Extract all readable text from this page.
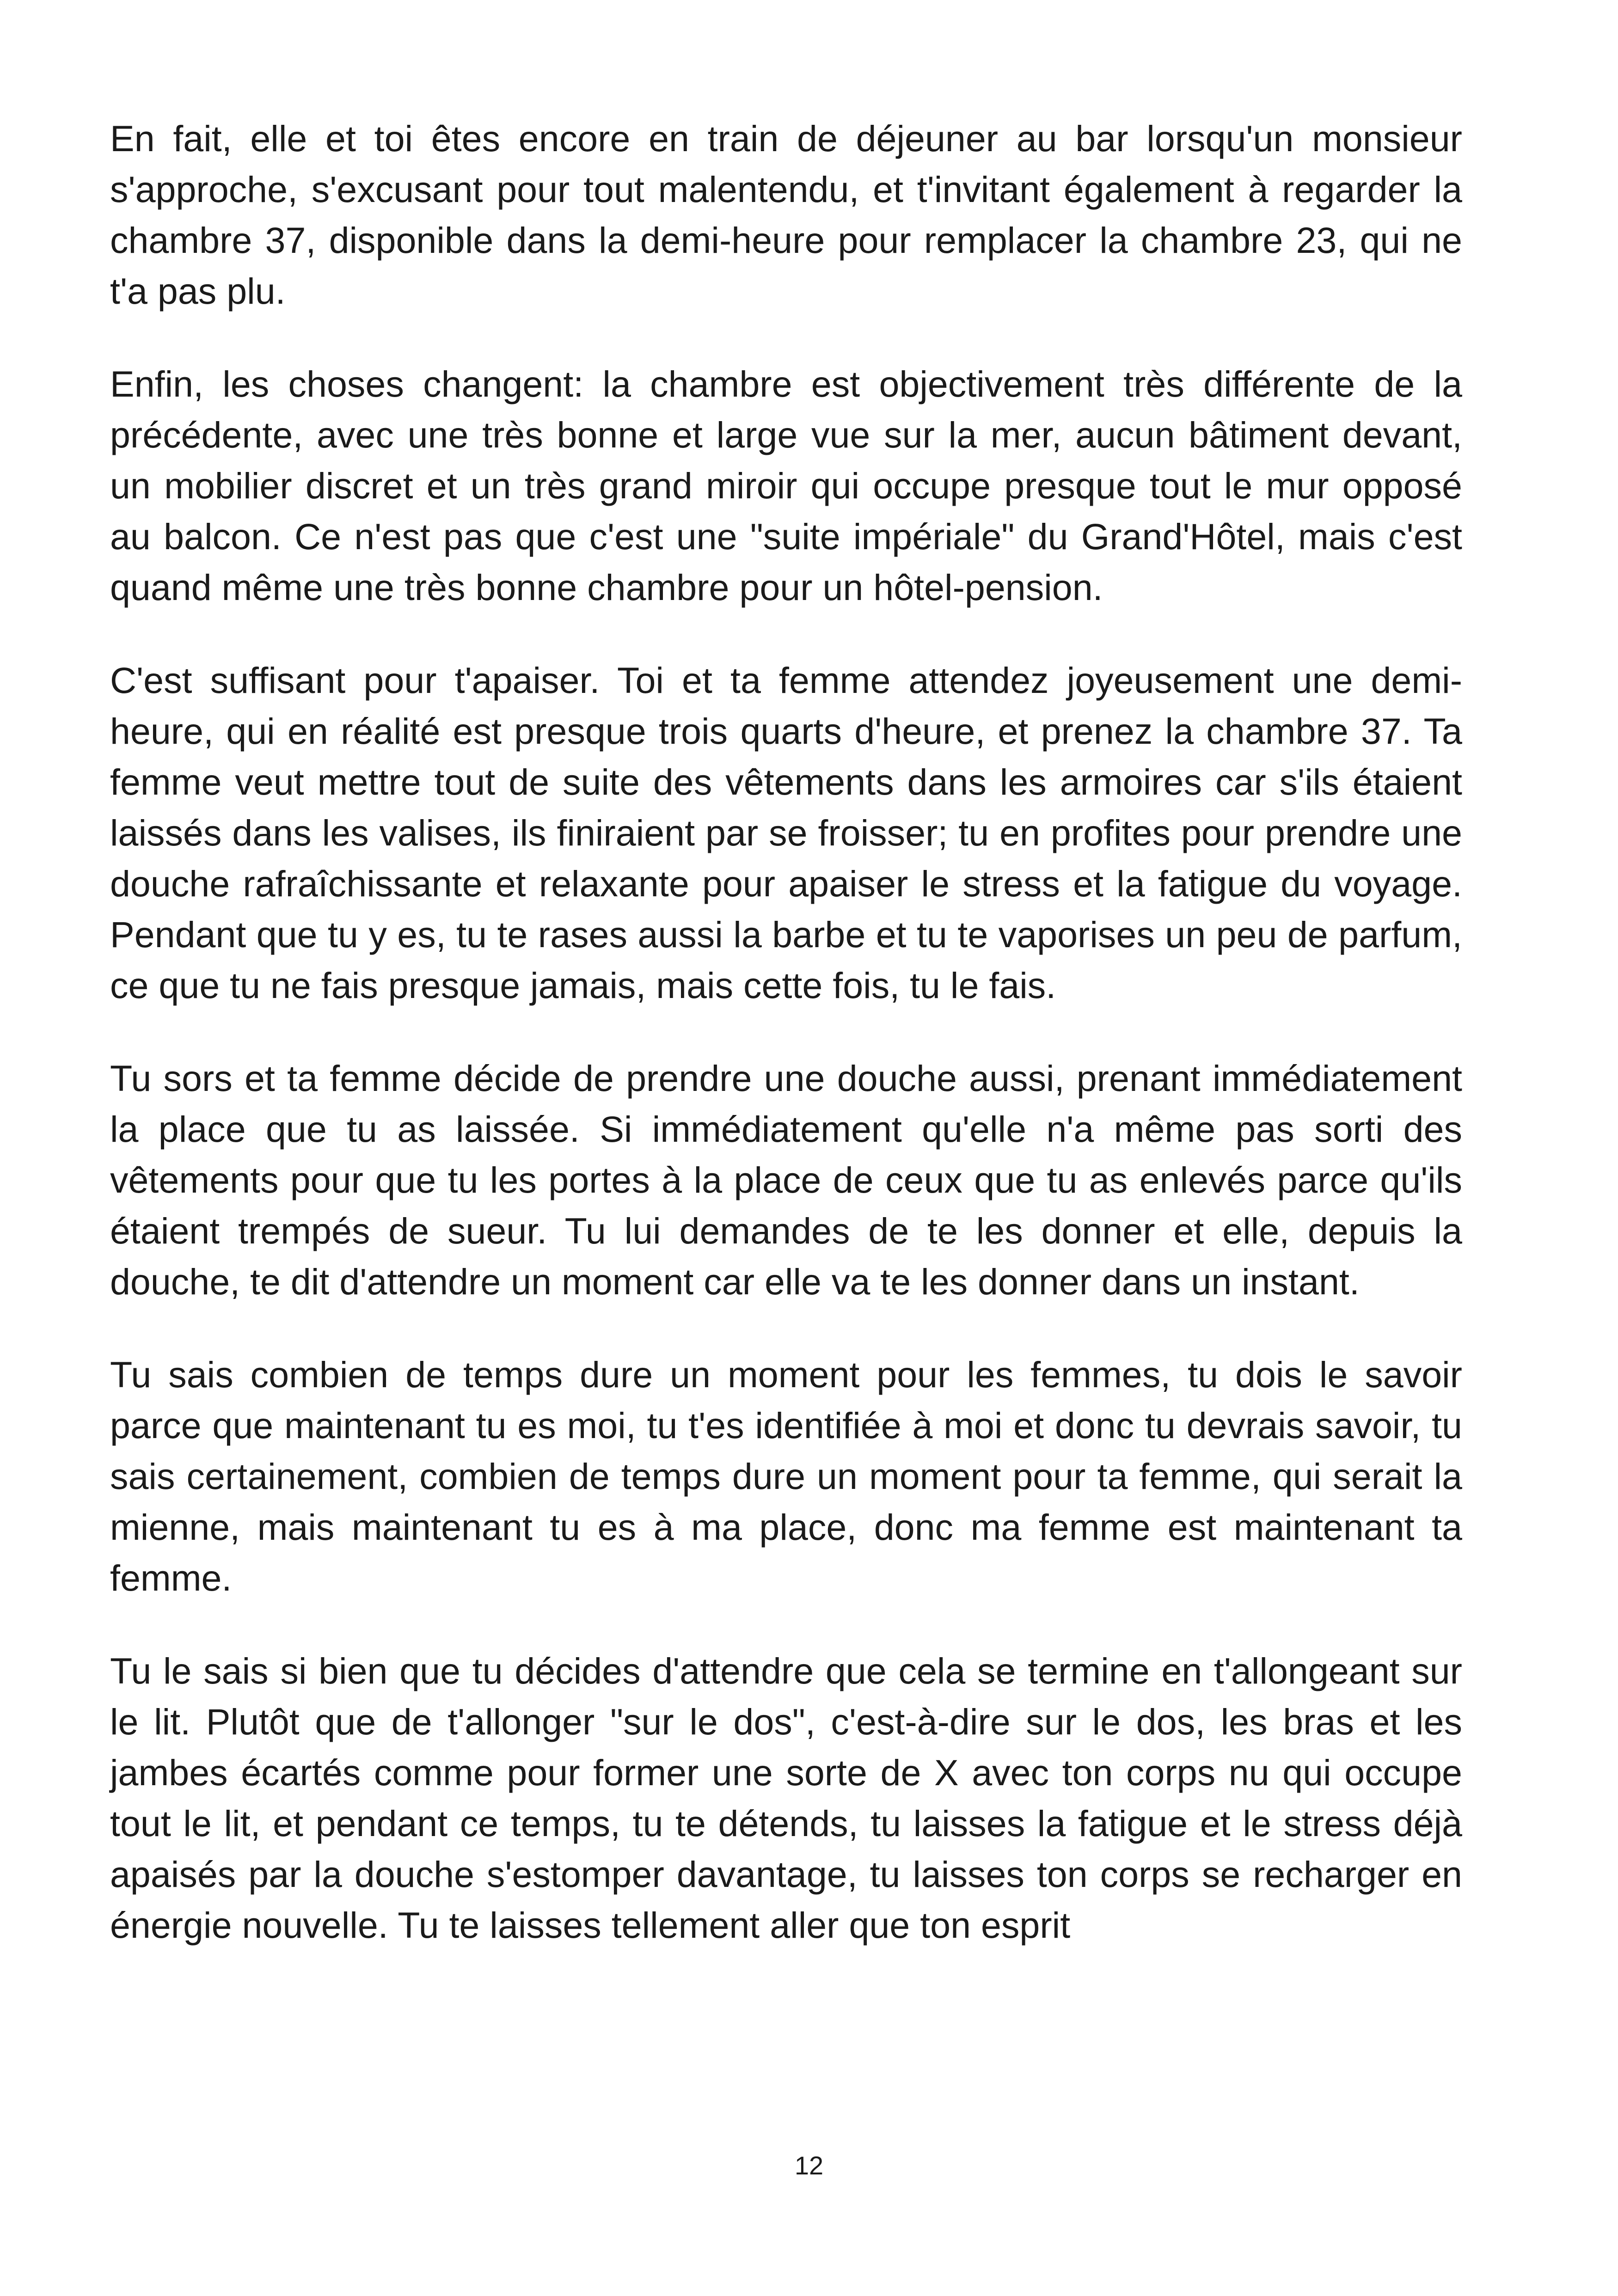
En fait, elle et toi êtes encore en train de déjeuner au bar lorsqu'un monsieur s'approche, s'excusant pour tout malentendu, et t'invitant également à regarder la chambre 37, disponible dans la demi-heure pour remplacer la chambre 23, qui ne t'a pas plu.

Enfin, les choses changent: la chambre est objectivement très différente de la précédente, avec une très bonne et large vue sur la mer, aucun bâtiment devant, un mobilier discret et un très grand miroir qui occupe presque tout le mur opposé au balcon. Ce n'est pas que c'est une "suite impériale" du Grand'Hôtel, mais c'est quand même une très bonne chambre pour un hôtel-pension.

C'est suffisant pour t'apaiser. Toi et ta femme attendez joyeusement une demi-heure, qui en réalité est presque trois quarts d'heure, et prenez la chambre 37. Ta femme veut mettre tout de suite des vêtements dans les armoires car s'ils étaient laissés dans les valises, ils finiraient par se froisser; tu en profites pour prendre une douche rafraîchissante et relaxante pour apaiser le stress et la fatigue du voyage. Pendant que tu y es, tu te rases aussi la barbe et tu te vaporises un peu de parfum, ce que tu ne fais presque jamais, mais cette fois, tu le fais.

Tu sors et ta femme décide de prendre une douche aussi, prenant immédiatement la place que tu as laissée. Si immédiatement qu'elle n'a même pas sorti des vêtements pour que tu les portes à la place de ceux que tu as enlevés parce qu'ils étaient trempés de sueur. Tu lui demandes de te les donner et elle, depuis la douche, te dit d'attendre un moment car elle va te les donner dans un instant.

Tu sais combien de temps dure un moment pour les femmes, tu dois le savoir parce que maintenant tu es moi, tu t'es identifiée à moi et donc tu devrais savoir, tu sais certainement, combien de temps dure un moment pour ta femme, qui serait la mienne, mais maintenant tu es à ma place, donc ma femme est maintenant ta femme.

Tu le sais si bien que tu décides d'attendre que cela se termine en t'allongeant sur le lit. Plutôt que de t'allonger "sur le dos", c'est-à-dire sur le dos, les bras et les jambes écartés comme pour former une sorte de X avec ton corps nu qui occupe tout le lit, et pendant ce temps, tu te détends, tu laisses la fatigue et le stress déjà apaisés par la douche s'estomper davantage, tu laisses ton corps se recharger en énergie nouvelle. Tu te laisses tellement aller que ton esprit

12
